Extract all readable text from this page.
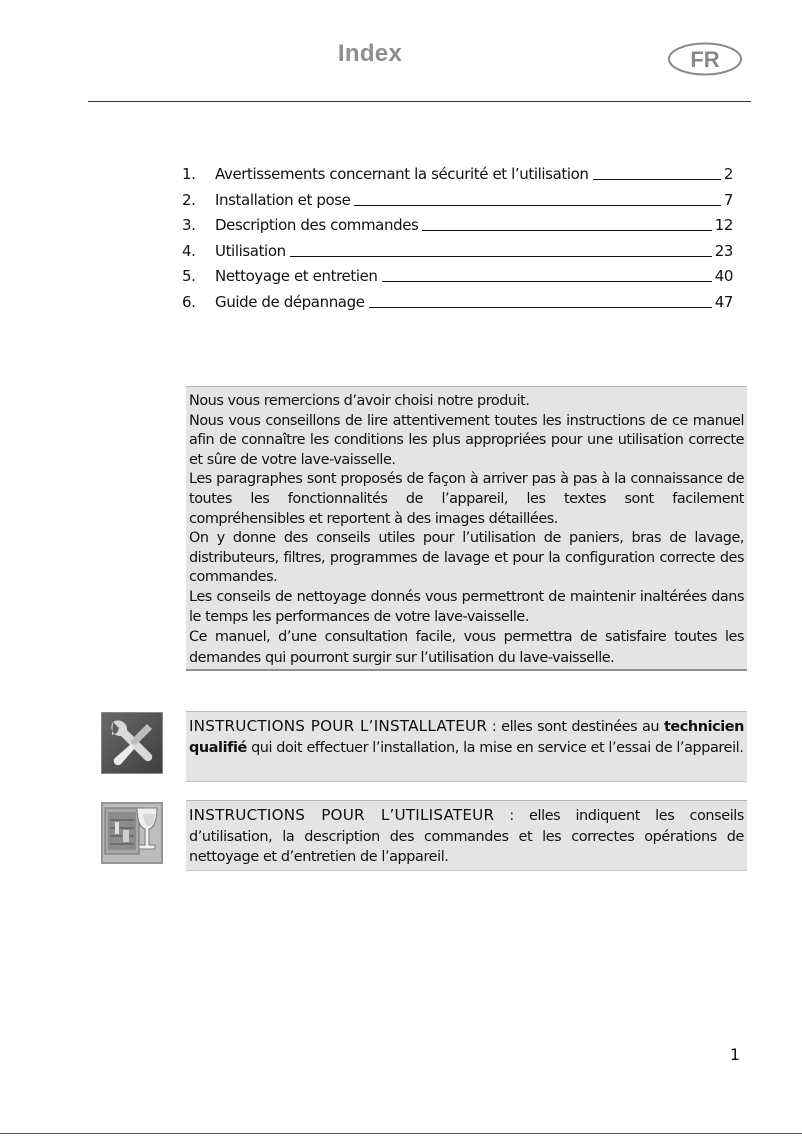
Index	FR
1.	Avertissements concernant la sécurité et l’utilisation	2
2.	Installation et pose	7
3.	Description des commandes	12
4.	Utilisation	23
5.	Nettoyage et entretien	40
6.	Guide de dépannage	47

Nous vous remercions d’avoir choisi notre produit.

Nous vous conseillons de lire attentivement toutes les instructions de ce manuel afin de connaître les conditions les plus appropriées pour une utilisation correcte et sûre de votre lave-vaisselle.

Les paragraphes sont proposés de façon à arriver pas à pas à la connaissance de toutes les fonctionnalités de l’appareil, les textes sont facilement compréhensibles et reportent à des images détaillées.

On y donne des conseils utiles pour l’utilisation de paniers, bras de lavage, distributeurs, filtres, programmes de lavage et pour la configuration correcte des commandes.

Les conseils de nettoyage donnés vous permettront de maintenir inaltérées dans le temps les performances de votre lave-vaisselle.

Ce manuel, d’une consultation facile, vous permettra de satisfaire toutes les demandes qui pourront surgir sur l’utilisation du lave-vaisselle.

INSTRUCTIONS POUR L’INSTALLATEUR : elles sont destinées au technicien qualifié qui doit effectuer l’installation, la mise en service et l’essai de l’appareil.
INSTRUCTIONS POUR L’UTILISATEUR : elles indiquent les conseils d’utilisation, la description des commandes et les correctes opérations de nettoyage et d’entretien de l’appareil.
1
